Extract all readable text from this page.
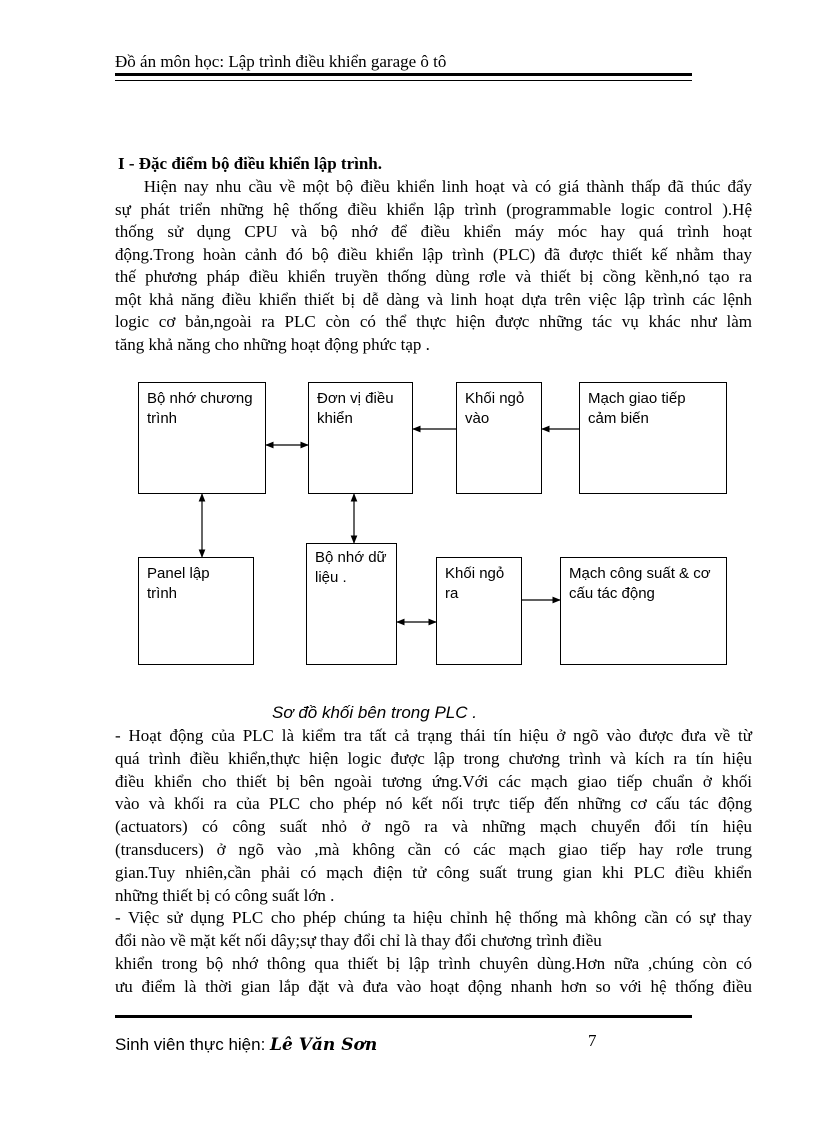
Đồ án môn học: Lập trình điều khiển garage ô tô
I - Đặc điểm bộ điều khiển lập trình.
Hiện nay nhu cầu về một bộ điều khiển linh hoạt và có giá thành thấp đã thúc đẩy
sự phát triển những hệ thống điều khiển lập trình (programmable logic control ).Hệ
thống sử dụng CPU và bộ nhớ để điều khiển máy móc hay quá trình hoạt
động.Trong hoàn cảnh đó bộ điều khiển lập trình (PLC) đã được thiết kế nhằm thay
thế phương pháp điều khiển truyền thống dùng rơle và thiết bị cồng kềnh,nó tạo ra
một khả năng điều khiển thiết bị dễ dàng và linh hoạt dựa trên việc lập trình các lệnh
logic cơ bản,ngoài ra PLC còn có thể thực hiện được những tác vụ khác như làm
tăng khả năng cho những hoạt động phức tạp .
Bộ nhớ chương
trình
Đơn vị điều
khiển
Khối ngỏ
vào
Mạch giao tiếp
cảm biến
Panel lập
trình
Bộ nhớ dữ
liệu .	Khối ngỏ
ra
Mạch công suất & cơ
cấu tác động
Sơ đồ khối bên trong PLC .
- Hoạt động của PLC là kiểm tra tất cả trạng thái tín hiệu ở ngõ vào được đưa về từ
quá trình điều khiển,thực hiện logic được lập trong chương trình và kích ra tín hiệu
điều khiển cho thiết bị bên ngoài tương ứng.Với các mạch giao tiếp chuẩn ở khối
vào và khối ra của PLC cho phép nó kết nối trực tiếp đến những cơ cấu tác động
(actuators) có công suất nhỏ ở ngõ ra và những mạch chuyển đổi tín hiệu
(transducers) ở ngõ vào ,mà không cần có các mạch giao tiếp hay rơle trung
gian.Tuy nhiên,cần phải có mạch điện tử công suất trung gian khi PLC điều khiển
những thiết bị có công suất lớn .
- Việc sử dụng PLC cho phép chúng ta hiệu chỉnh hệ thống mà không cần có sự thay
đổi nào về mặt kết nối dây;sự thay đổi chỉ là thay đổi chương trình điều
khiển trong bộ nhớ thông qua thiết bị lập trình chuyên dùng.Hơn nữa ,chúng còn có
ưu điểm là thời gian lắp đặt và đưa vào hoạt động nhanh hơn so với hệ thống điều
Sinh viên thực hiện: Lê Văn Sơn	7
